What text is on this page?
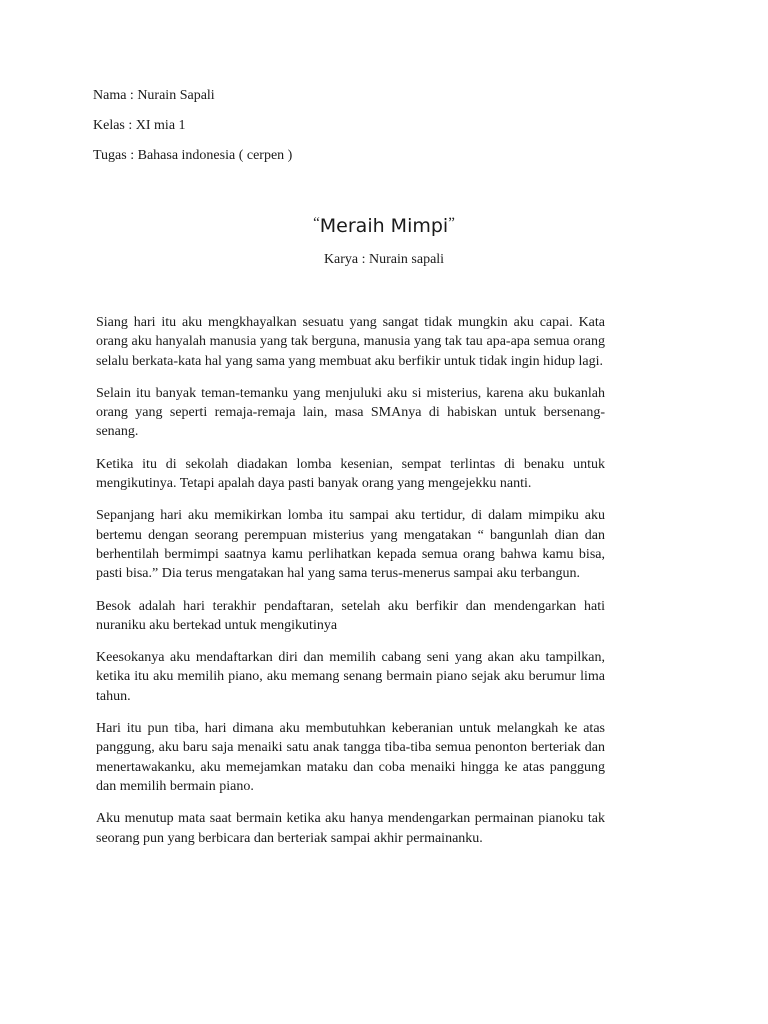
Nama : Nurain Sapali
Kelas : XI mia 1
Tugas : Bahasa indonesia ( cerpen )
“Meraih Mimpi”
Karya : Nurain sapali

Siang hari itu aku mengkhayalkan sesuatu yang sangat tidak mungkin aku capai. Kata orang aku hanyalah manusia yang tak berguna, manusia yang tak tau apa-apa semua orang selalu berkata-kata hal yang sama yang membuat aku berfikir untuk tidak ingin hidup lagi.

Selain itu banyak teman-temanku yang menjuluki aku si misterius, karena aku bukanlah orang yang seperti remaja-remaja lain, masa SMAnya di habiskan untuk bersenang-senang.

Ketika itu di sekolah diadakan lomba kesenian, sempat terlintas di benaku untuk mengikutinya. Tetapi apalah daya pasti banyak orang yang mengejekku nanti.

Sepanjang hari aku memikirkan lomba itu sampai aku tertidur, di dalam mimpiku aku bertemu dengan seorang perempuan misterius yang mengatakan “ bangunlah dian dan berhentilah bermimpi saatnya kamu perlihatkan kepada semua orang bahwa kamu bisa, pasti bisa.” Dia terus mengatakan hal yang sama terus-menerus sampai aku terbangun.

Besok adalah hari terakhir pendaftaran, setelah aku berfikir dan mendengarkan hati nuraniku aku bertekad untuk mengikutinya

Keesokanya aku mendaftarkan diri dan memilih cabang seni yang akan aku tampilkan, ketika itu aku memilih piano, aku memang senang bermain piano sejak aku berumur lima tahun.

Hari itu pun tiba, hari dimana aku membutuhkan keberanian untuk melangkah ke atas panggung, aku baru saja menaiki satu anak tangga tiba-tiba semua penonton berteriak dan menertawakanku, aku memejamkan mataku dan coba menaiki hingga ke atas panggung dan memilih bermain piano.

Aku menutup mata saat bermain ketika aku hanya mendengarkan permainan pianoku tak seorang pun yang berbicara dan berteriak sampai akhir permainanku.
